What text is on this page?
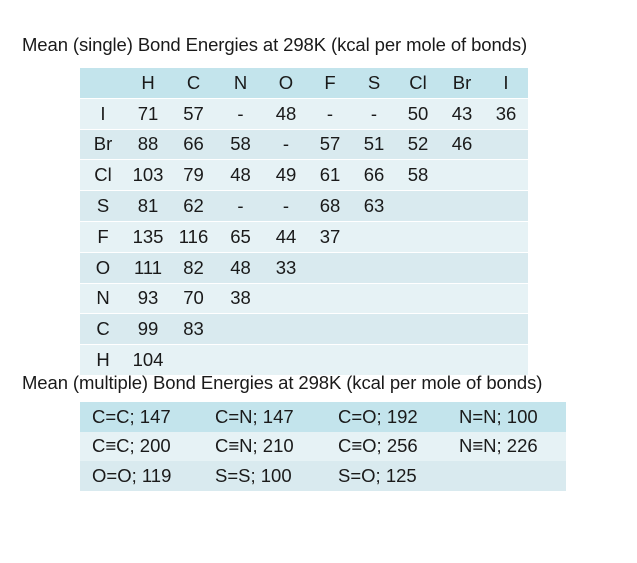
Mean (single) Bond Energies at 298K (kcal per mole of bonds)
	H	C	N	O	F	S	Cl	Br	I
I	71	57	-	48	-	-	50	43	36
Br	88	66	58	-	57	51	52	46	
Cl	103	79	48	49	61	66	58		
S	81	62	-	-	68	63			
F	135	116	65	44	37				
O	111	82	48	33					
N	93	70	38						
C	99	83							
H	104								
Mean (multiple) Bond Energies at 298K (kcal per mole of bonds)
C=C; 147	C=N; 147	C=O; 192	N=N; 100
C≡C; 200	C≡N; 210	C≡O; 256	N≡N; 226
O=O; 119	S=S; 100	S=O; 125	
